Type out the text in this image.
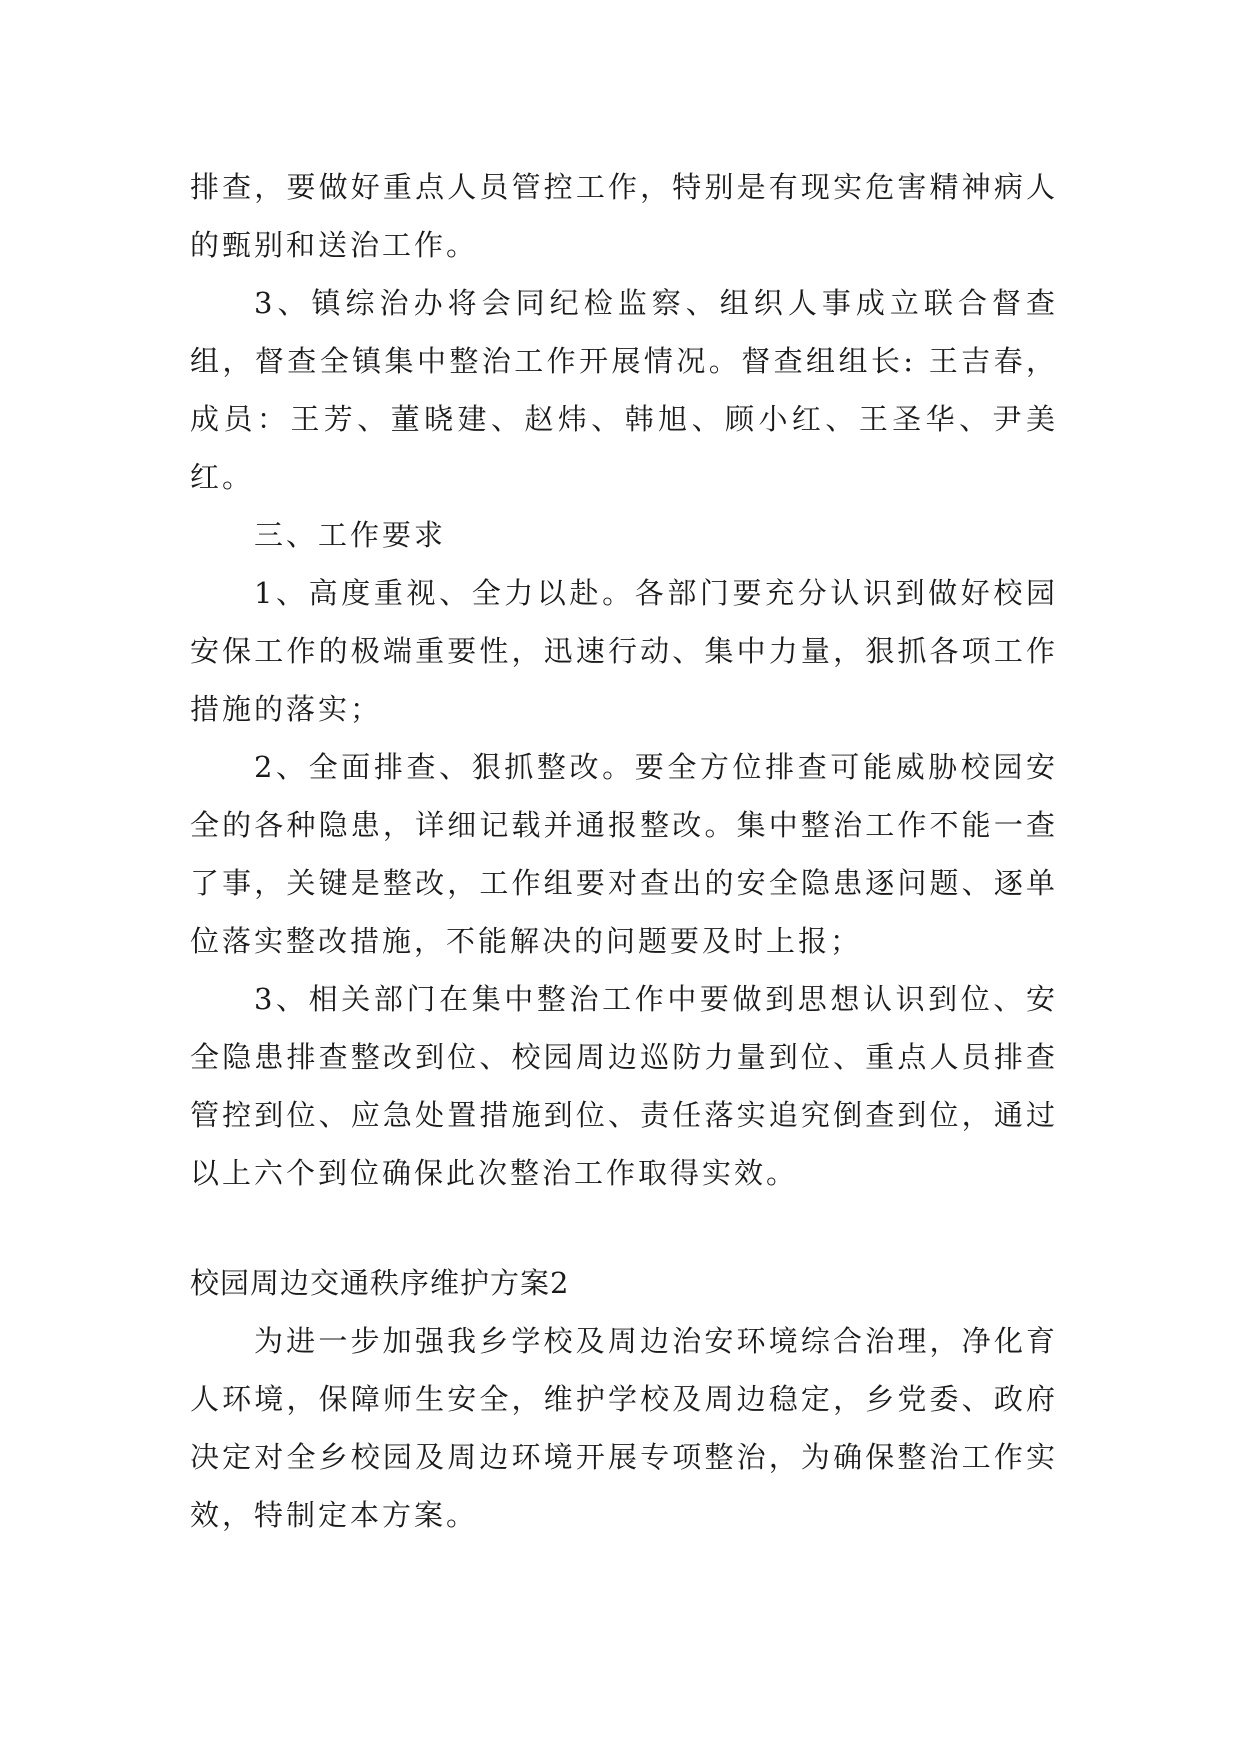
排查，要做好重点人员管控工作，特别是有现实危害精神病人的甄别和送治工作。

3、镇综治办将会同纪检监察、组织人事成立联合督查组，督查全镇集中整治工作开展情况。督查组组长: 王吉春，成员：王芳、董晓建、赵炜、韩旭、顾小红、王圣华、尹美红。

三、工作要求

1、高度重视、全力以赴。各部门要充分认识到做好校园安保工作的极端重要性，迅速行动、集中力量，狠抓各项工作措施的落实；

2、全面排查、狠抓整改。要全方位排查可能威胁校园安全的各种隐患，详细记载并通报整改。集中整治工作不能一查了事，关键是整改，工作组要对查出的安全隐患逐问题、逐单位落实整改措施，不能解决的问题要及时上报；

3、相关部门在集中整治工作中要做到思想认识到位、安全隐患排查整改到位、校园周边巡防力量到位、重点人员排查管控到位、应急处置措施到位、责任落实追究倒查到位，通过以上六个到位确保此次整治工作取得实效。

校园周边交通秩序维护方案2

为进一步加强我乡学校及周边治安环境综合治理，净化育人环境，保障师生安全，维护学校及周边稳定，乡党委、政府决定对全乡校园及周边环境开展专项整治，为确保整治工作实效，特制定本方案。
